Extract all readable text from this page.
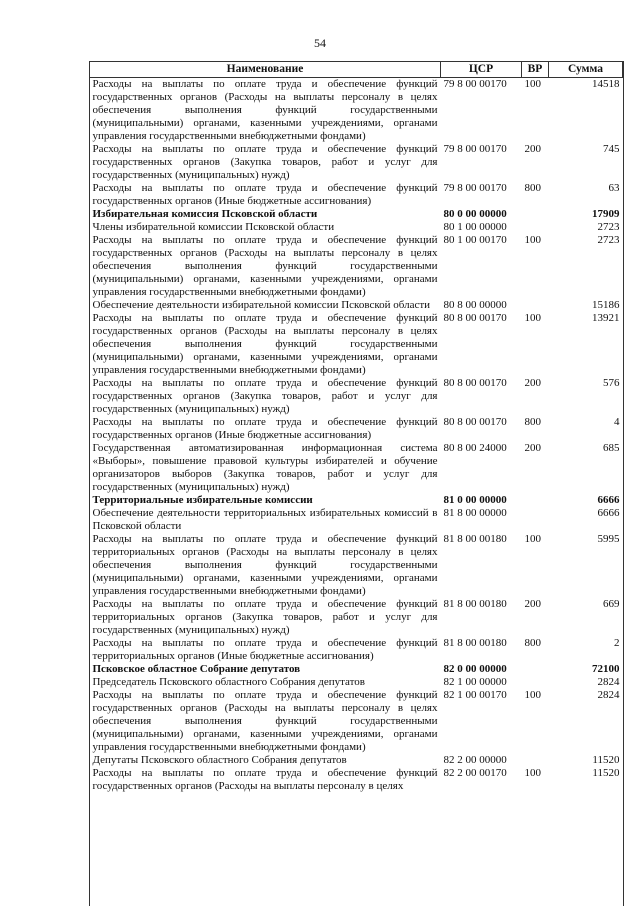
54
Наименование	ЦСР	ВР	Сумма
Расходы на выплаты по оплате труда и обеспечение функций государственных органов (Расходы на выплаты персоналу в целях обеспечения выполнения функций государственными (муниципальными) органами, казенными учреждениями, органами управления государственными внебюджетными фондами)	79 8 00 00170	100	14518
Расходы на выплаты по оплате труда и обеспечение функций государственных органов (Закупка товаров, работ и услуг для государственных (муниципальных) нужд)	79 8 00 00170	200	745
Расходы на выплаты по оплате труда и обеспечение функций государственных органов (Иные бюджетные ассигнования)	79 8 00 00170	800	63
Избирательная комиссия Псковской области	80 0 00 00000		17909
Члены избирательной комиссии Псковской области	80 1 00 00000		2723
Расходы на выплаты по оплате труда и обеспечение функций государственных органов (Расходы на выплаты персоналу в целях обеспечения выполнения функций государственными (муниципальными) органами, казенными учреждениями, органами управления государственными внебюджетными фондами)	80 1 00 00170	100	2723
Обеспечение деятельности избирательной комиссии Псковской области	80 8 00 00000		15186
Расходы на выплаты по оплате труда и обеспечение функций государственных органов (Расходы на выплаты персоналу в целях обеспечения выполнения функций государственными (муниципальными) органами, казенными учреждениями, органами управления государственными внебюджетными фондами)	80 8 00 00170	100	13921
Расходы на выплаты по оплате труда и обеспечение функций государственных органов (Закупка товаров, работ и услуг для государственных (муниципальных) нужд)	80 8 00 00170	200	576
Расходы на выплаты по оплате труда и обеспечение функций государственных органов (Иные бюджетные ассигнования)	80 8 00 00170	800	4
Государственная автоматизированная информационная система «Выборы», повышение правовой культуры избирателей и обучение организаторов выборов (Закупка товаров, работ и услуг для государственных (муниципальных) нужд)	80 8 00 24000	200	685
Территориальные избирательные комиссии	81 0 00 00000		6666
Обеспечение деятельности территориальных избирательных комиссий в Псковской области	81 8 00 00000		6666
Расходы на выплаты по оплате труда и обеспечение функций территориальных органов (Расходы на выплаты персоналу в целях обеспечения выполнения функций государственными (муниципальными) органами, казенными учреждениями, органами управления государственными внебюджетными фондами)	81 8 00 00180	100	5995
Расходы на выплаты по оплате труда и обеспечение функций территориальных органов (Закупка товаров, работ и услуг для государственных (муниципальных) нужд)	81 8 00 00180	200	669
Расходы на выплаты по оплате труда и обеспечение функций территориальных органов (Иные бюджетные ассигнования)	81 8 00 00180	800	2
Псковское областное Собрание депутатов	82 0 00 00000		72100
Председатель Псковского областного Собрания депутатов	82 1 00 00000		2824
Расходы на выплаты по оплате труда и обеспечение функций государственных органов (Расходы на выплаты персоналу в целях обеспечения выполнения функций государственными (муниципальными) органами, казенными учреждениями, органами управления государственными внебюджетными фондами)	82 1 00 00170	100	2824
Депутаты Псковского областного Собрания депутатов	82 2 00 00000		11520
Расходы на выплаты по оплате труда и обеспечение функций государственных органов (Расходы на выплаты персоналу в целях	82 2 00 00170	100	11520
